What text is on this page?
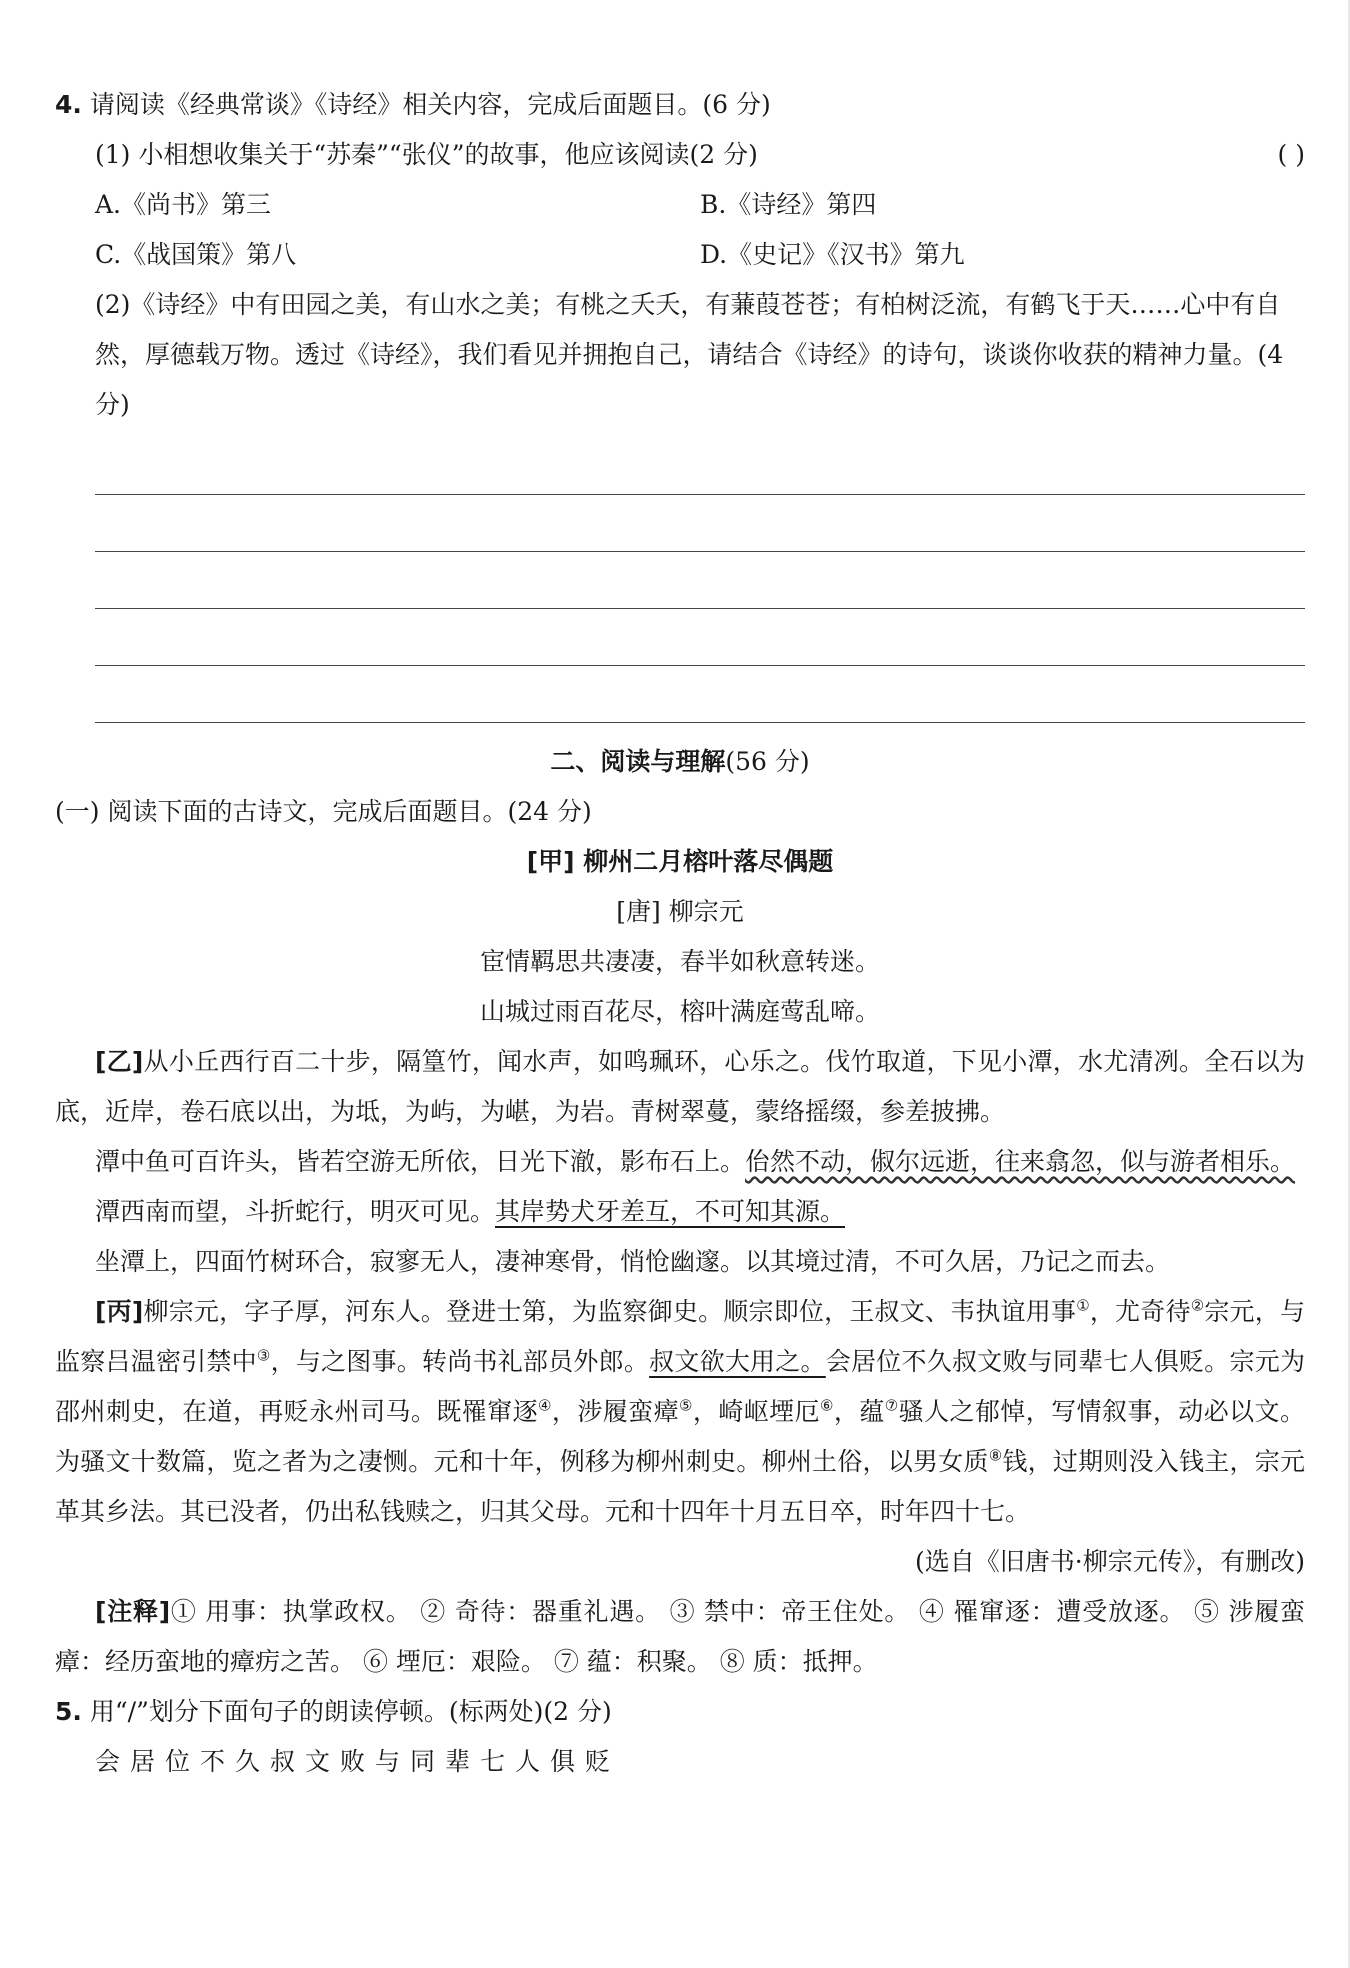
4. 请阅读《经典常谈》《诗经》相关内容，完成后面题目。(6 分)
(1) 小相想收集关于“苏秦”“张仪”的故事，他应该阅读(2 分)	( )
A.《尚书》第三	B.《诗经》第四
C.《战国策》第八	D.《史记》《汉书》第九
(2)《诗经》中有田园之美，有山水之美；有桃之夭夭，有蒹葭苍苍；有柏树泛流，有鹤飞于天……心中有自然，厚德载万物。透过《诗经》，我们看见并拥抱自己，请结合《诗经》的诗句，谈谈你收获的精神力量。(4 分)
二、阅读与理解(56 分)
(一) 阅读下面的古诗文，完成后面题目。(24 分)
[甲] 柳州二月榕叶落尽偶题
[唐] 柳宗元
宦情羁思共凄凄，春半如秋意转迷。
山城过雨百花尽，榕叶满庭莺乱啼。
[乙]从小丘西行百二十步，隔篁竹，闻水声，如鸣珮环，心乐之。伐竹取道，下见小潭，水尤清冽。全石以为底，近岸，卷石底以出，为坻，为屿，为嵁，为岩。青树翠蔓，蒙络摇缀，参差披拂。
潭中鱼可百许头，皆若空游无所依，日光下澈，影布石上。佁然不动，俶尔远逝，往来翕忽，似与游者相乐。
潭西南而望，斗折蛇行，明灭可见。其岸势犬牙差互，不可知其源。
坐潭上，四面竹树环合，寂寥无人，凄神寒骨，悄怆幽邃。以其境过清，不可久居，乃记之而去。
[丙]柳宗元，字子厚，河东人。登进士第，为监察御史。顺宗即位，王叔文、韦执谊用事①，尤奇待②宗元，与监察吕温密引禁中③，与之图事。转尚书礼部员外郎。叔文欲大用之。会居位不久叔文败与同辈七人俱贬。宗元为邵州刺史，在道，再贬永州司马。既罹窜逐④，涉履蛮瘴⑤，崎岖堙厄⑥，蕴⑦骚人之郁悼，写情叙事，动必以文。为骚文十数篇，览之者为之凄恻。元和十年，例移为柳州刺史。柳州土俗，以男女质⑧钱，过期则没入钱主，宗元革其乡法。其已没者，仍出私钱赎之，归其父母。元和十四年十月五日卒，时年四十七。
(选自《旧唐书·柳宗元传》，有删改)
[注释]① 用事：执掌政权。 ② 奇待：器重礼遇。 ③ 禁中：帝王住处。 ④ 罹窜逐：遭受放逐。 ⑤ 涉履蛮瘴：经历蛮地的瘴疠之苦。 ⑥ 堙厄：艰险。 ⑦ 蕴：积聚。 ⑧ 质：抵押。
5. 用“/”划分下面句子的朗读停顿。(标两处)(2 分)
会居位不久叔文败与同辈七人俱贬
